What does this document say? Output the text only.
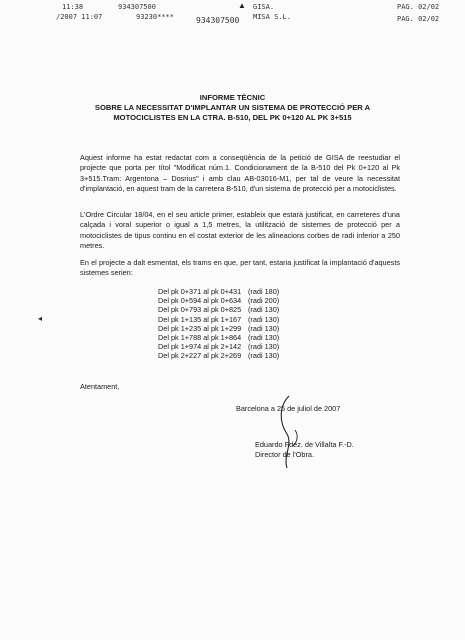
11:38	934307500	▲ GISA.	PAG. 02/02
/2007 11:07	93230****	934307500 MISA S.L.	PAG. 02/02
INFORME TÈCNIC
SOBRE LA NECESSITAT D'IMPLANTAR UN SISTEMA DE PROTECCIÓ PER A
MOTOCICLISTES EN LA CTRA. B-510, DEL PK 0+120 AL PK 3+515

Aquest informe ha estat redactat com a conseqüència de la petició de GISA de reestudiar el projecte que porta per títol "Modificat núm.1. Condicionament de la B-510 del Pk 0+120 al Pk 3+515.Tram: Argentona – Dosrius" i amb clau AB-03016-M1, per tal de veure la necessitat d'implantació, en aquest tram de la carretera B-510, d'un sistema de protecció per a motociclistes.

L'Ordre Circular 18/04, en el seu article primer, estableix que estarà justificat, en carreteres d'una calçada i voral superior o igual a 1,5 metres, la utilització de sistemes de protecció per a motociclistes de tipus continu en el costat exterior de les alineacions corbes de radi inferior a 250 metres.

En el projecte a dalt esmentat, els trams en que, per tant, estaria justificat la implantació d'aquests sistemes serien:

◂
Del pk 0+371 al pk 0+431 (radi 180)
Del pk 0+594 al pk 0+634 (radi 200)
Del pk 0+793 al pk 0+825 (radi 130)
Del pk 1+135 al pk 1+167 (radi 130)
Del pk 1+235 al pk 1+299 (radi 130)
Del pk 1+788 al pk 1+864 (radi 130)
Del pk 1+974 al pk 2+142 (radi 130)
Del pk 2+227 al pk 2+269 (radi 130)
Atentament,
Barcelona a 25 de juliol de 2007
Eduardo Fdez. de Villalta F.-D.
Director de l'Obra.
